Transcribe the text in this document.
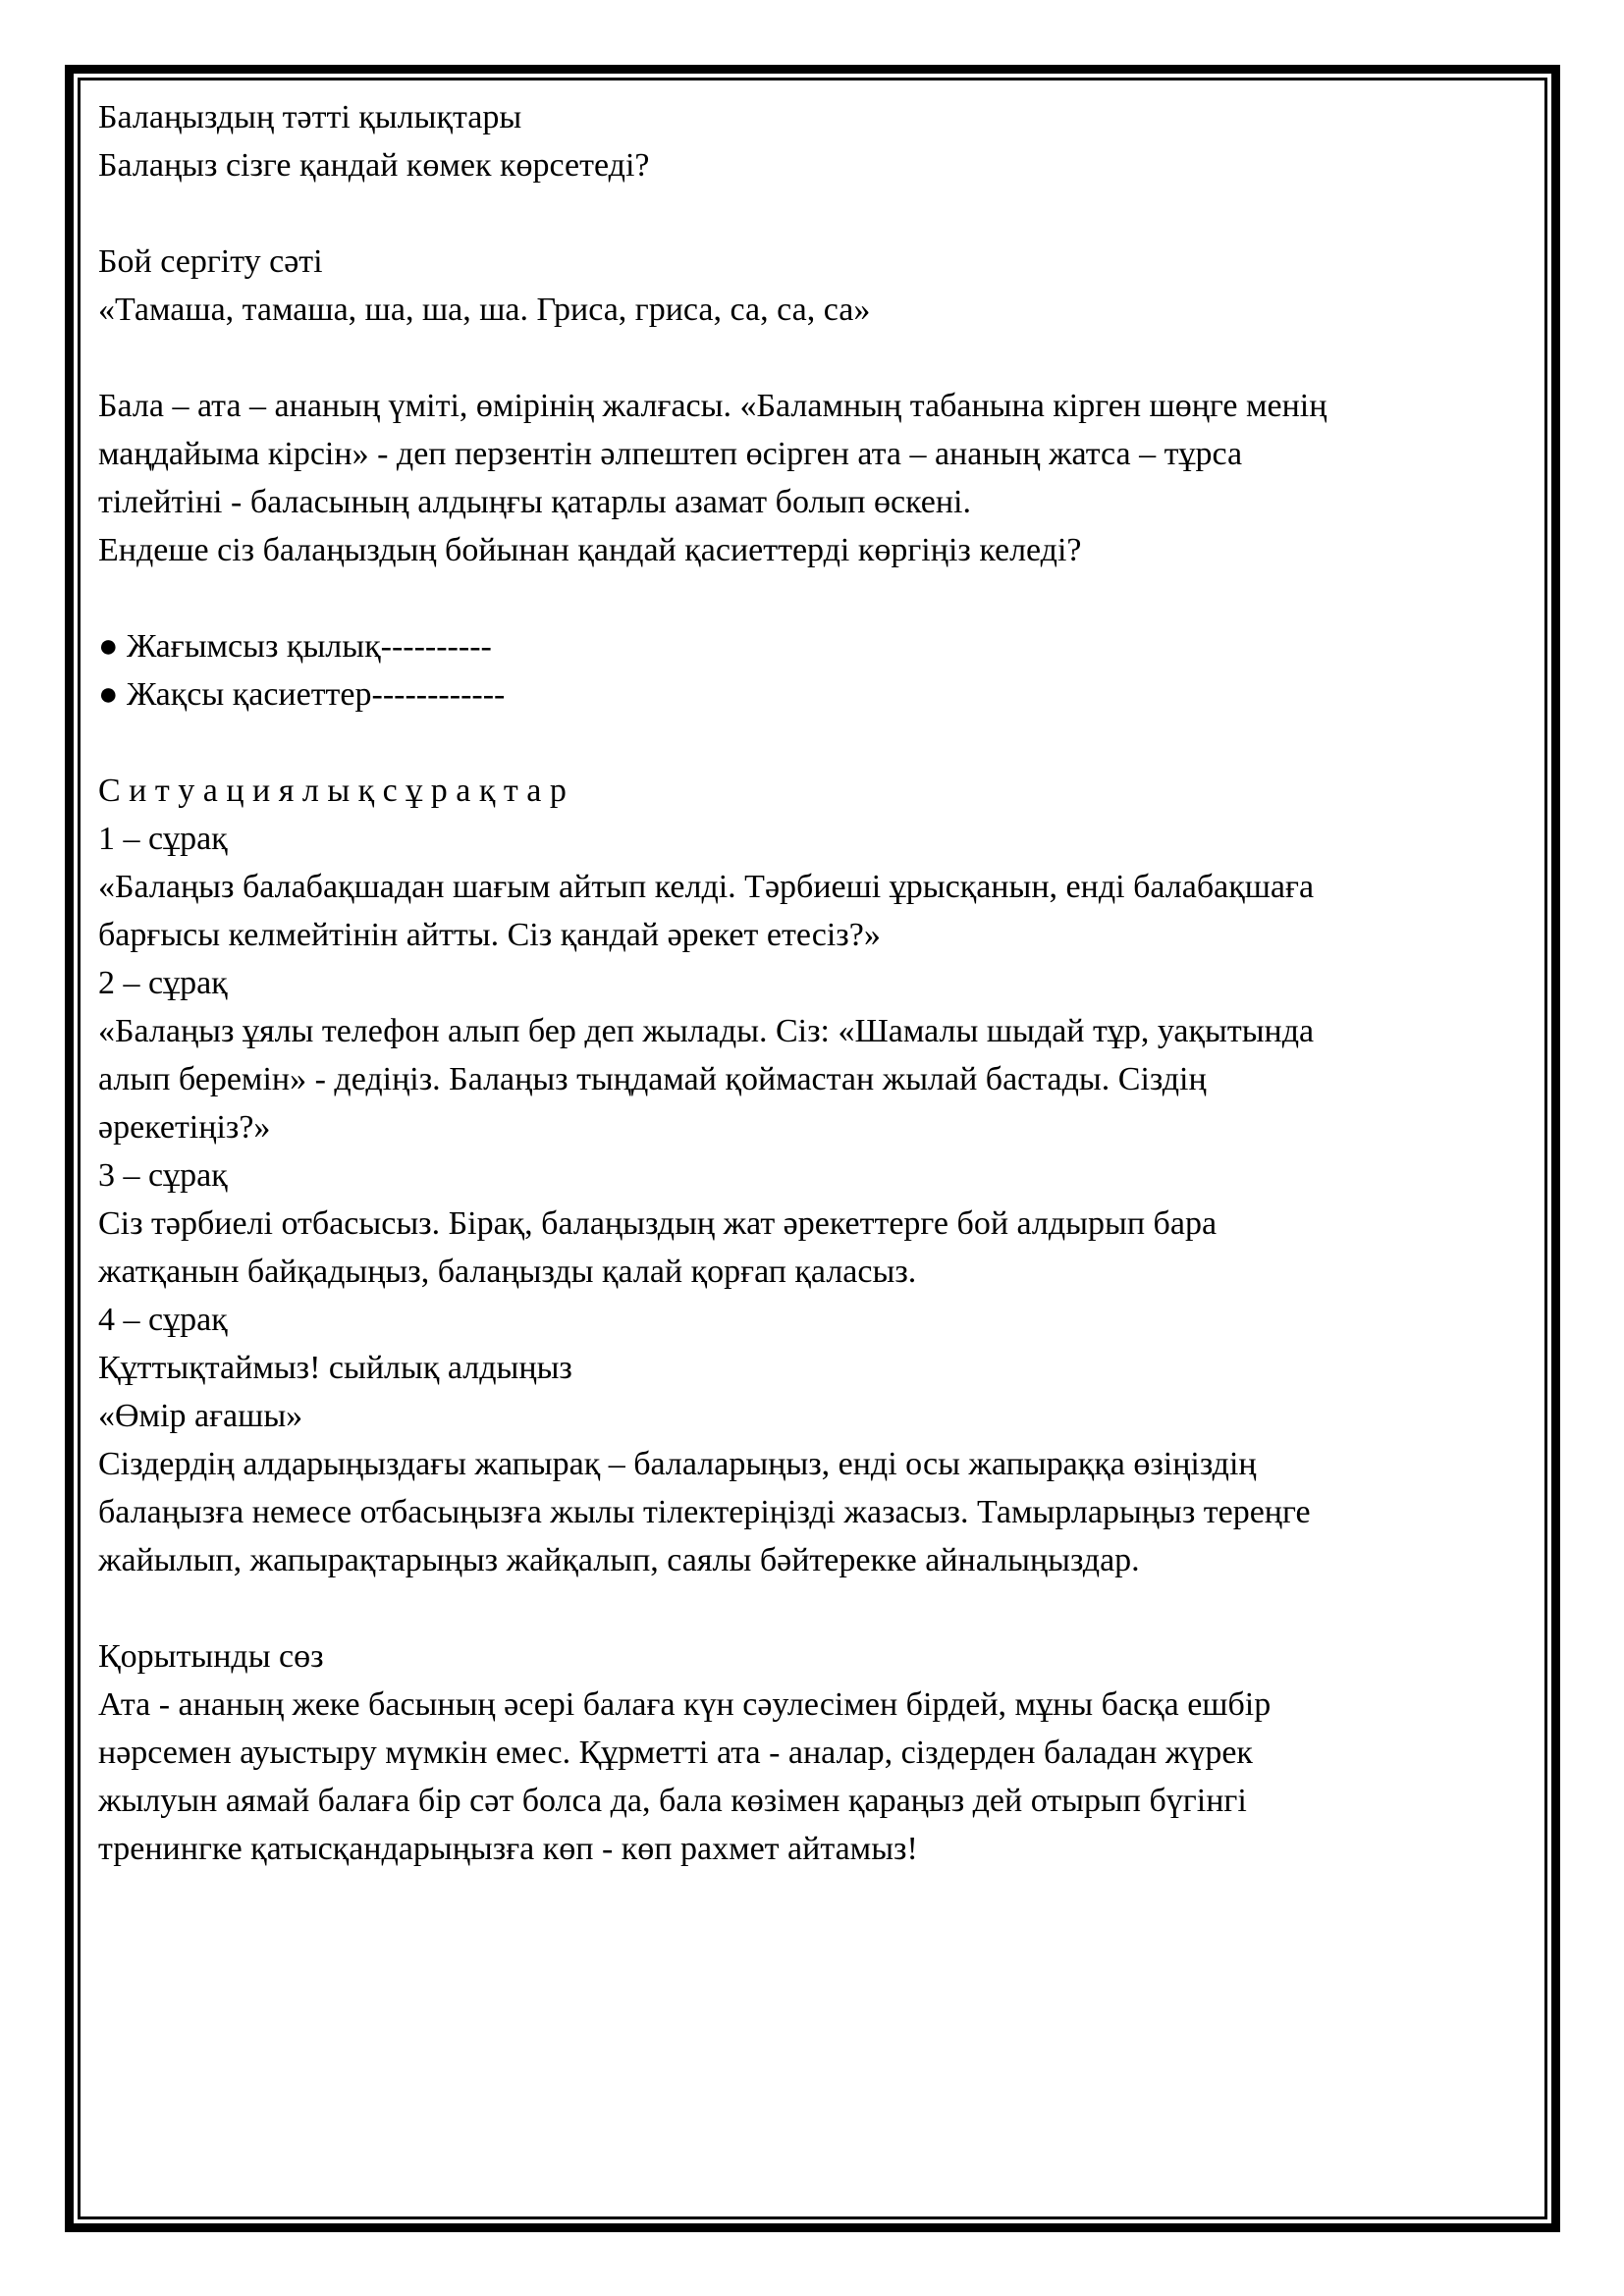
Балаңыздың тәтті қылықтары
Балаңыз сізге қандай көмек көрсетеді?
Бой сергіту сәті
«Тамаша, тамаша, ша, ша, ша. Гриса, гриса, са, са, са»
Бала – ата – ананың үміті, өмірінің жалғасы. «Баламның табанына кірген шөңге менің
маңдайыма кірсін» - деп перзентін әлпештеп өсірген ата – ананың жатса – тұрса
тілейтіні - баласының алдыңғы қатарлы азамат болып өскені.
Ендеше сіз балаңыздың бойынан қандай қасиеттерді көргіңіз келеді?
● Жағымсыз қылық----------
● Жақсы қасиеттер------------
С и т у а ц и я л ы қ с ұ р а қ т а р
1 – сұрақ
«Балаңыз балабақшадан шағым айтып келді. Тәрбиеші ұрысқанын, енді балабақшаға
барғысы келмейтінін айтты. Сіз қандай әрекет етесіз?»
2 – сұрақ
«Балаңыз ұялы телефон алып бер деп жылады. Сіз: «Шамалы шыдай тұр, уақытында
алып беремін» - дедіңіз. Балаңыз тыңдамай қоймастан жылай бастады. Сіздің
әрекетіңіз?»
3 – сұрақ
Сіз тәрбиелі отбасысыз. Бірақ, балаңыздың жат әрекеттерге бой алдырып бара
жатқанын байқадыңыз, балаңызды қалай қорғап қаласыз.
4 – сұрақ
Құттықтаймыз! сыйлық алдыңыз
«Өмір ағашы»
Сіздердің алдарыңыздағы жапырақ – балаларыңыз, енді осы жапыраққа өзіңіздің
балаңызға немесе отбасыңызға жылы тілектеріңізді жазасыз. Тамырларыңыз тереңге
жайылып, жапырақтарыңыз жайқалып, саялы бәйтерекке айналыңыздар.
Қорытынды сөз
Ата - ананың жеке басының әсері балаға күн сәулесімен бірдей, мұны басқа ешбір
нәрсемен ауыстыру мүмкін емес. Құрметті ата - аналар, сіздерден баладан жүрек
жылуын аямай балаға бір сәт болса да, бала көзімен қараңыз дей отырып бүгінгі
тренингке қатысқандарыңызға көп - көп рахмет айтамыз!
